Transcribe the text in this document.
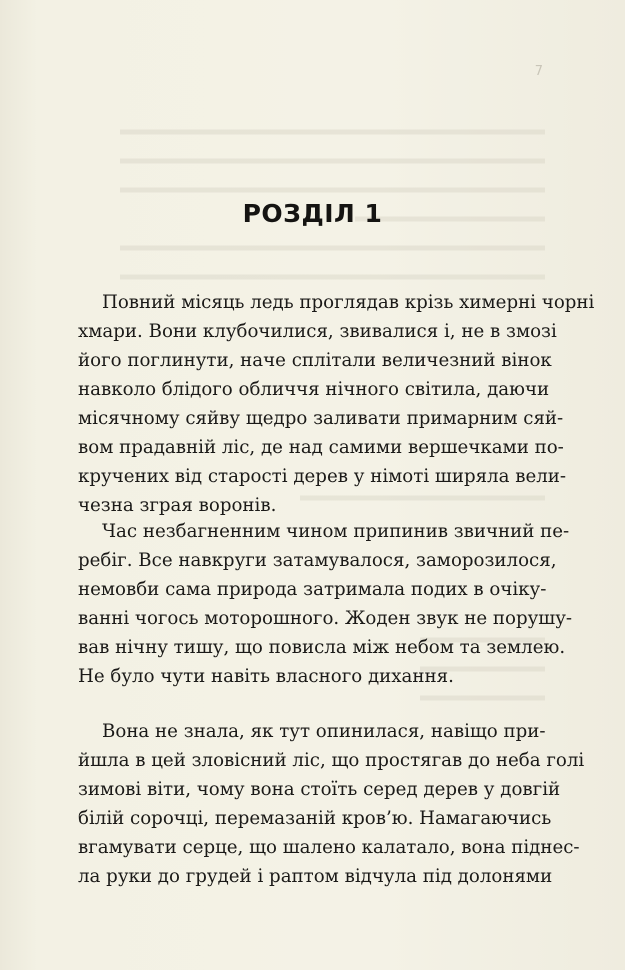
7
РОЗДІЛ 1
Повний місяць ледь проглядав крізь химерні чорні
хмари. Вони клубочилися, звивалися і, не в змозі
його поглинути, наче сплітали величезний вінок
навколо блідого обличчя нічного світила, даючи
місячному сяйву щедро заливати примарним сяй-
вом прадавній ліс, де над самими вершечками по-
кручених від старості дерев у німоті ширяла вели-
чезна зграя воронів.
Час незбагненним чином припинив звичний пе-
ребіг. Все навкруги затамувалося, заморозилося,
немовби сама природа затримала подих в очіку-
ванні чогось моторошного. Жоден звук не порушу-
вав нічну тишу, що повисла між небом та землею.
Не було чути навіть власного дихання.
Вона не знала, як тут опинилася, навіщо при-
йшла в цей зловісний ліс, що простягав до неба голі
зимові віти, чому вона стоїть серед дерев у довгій
білій сорочці, перемазаній кров’ю. Намагаючись
вгамувати серце, що шалено калатало, вона піднес-
ла руки до грудей і раптом відчула під долонями
